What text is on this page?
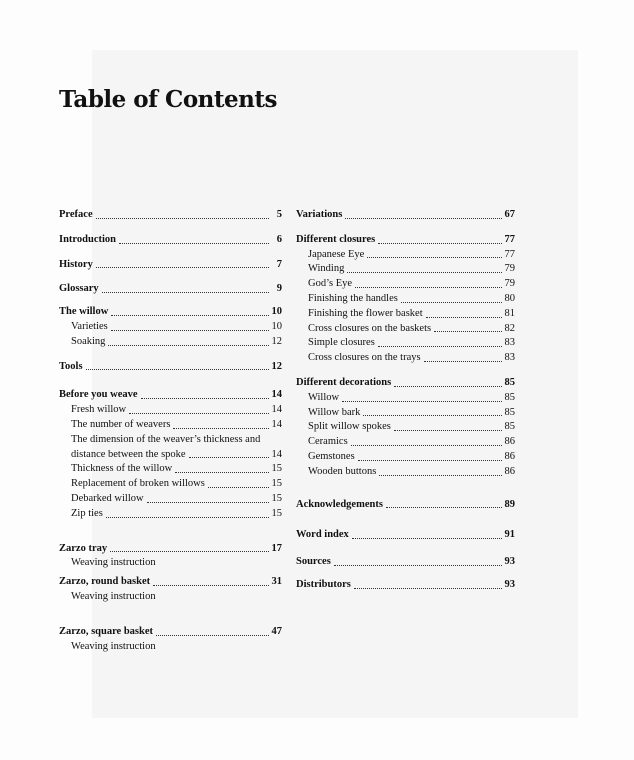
Table of Contents
Preface	5
Introduction	6
History	7
Glossary	9
The willow	10
Varieties	10
Soaking	12
Tools	12
Before you weave	14
Fresh willow	14
The number of weavers	14
The dimension of the weaver’s thickness and
distance between the spoke	14
Thickness of the willow	15
Replacement of broken willows	15
Debarked willow	15
Zip ties	15
Zarzo tray	17
Weaving instruction
Zarzo, round basket	31
Weaving instruction
Zarzo, square basket	47
Weaving instruction
Variations	67
Different closures	77
Japanese Eye	77
Winding	79
God’s Eye	79
Finishing the handles	80
Finishing the flower basket	81
Cross closures on the baskets	82
Simple closures	83
Cross closures on the trays	83
Different decorations	85
Willow	85
Willow bark	85
Split willow spokes	85
Ceramics	86
Gemstones	86
Wooden buttons	86
Acknowledgements	89
Word index	91
Sources	93
Distributors	93
